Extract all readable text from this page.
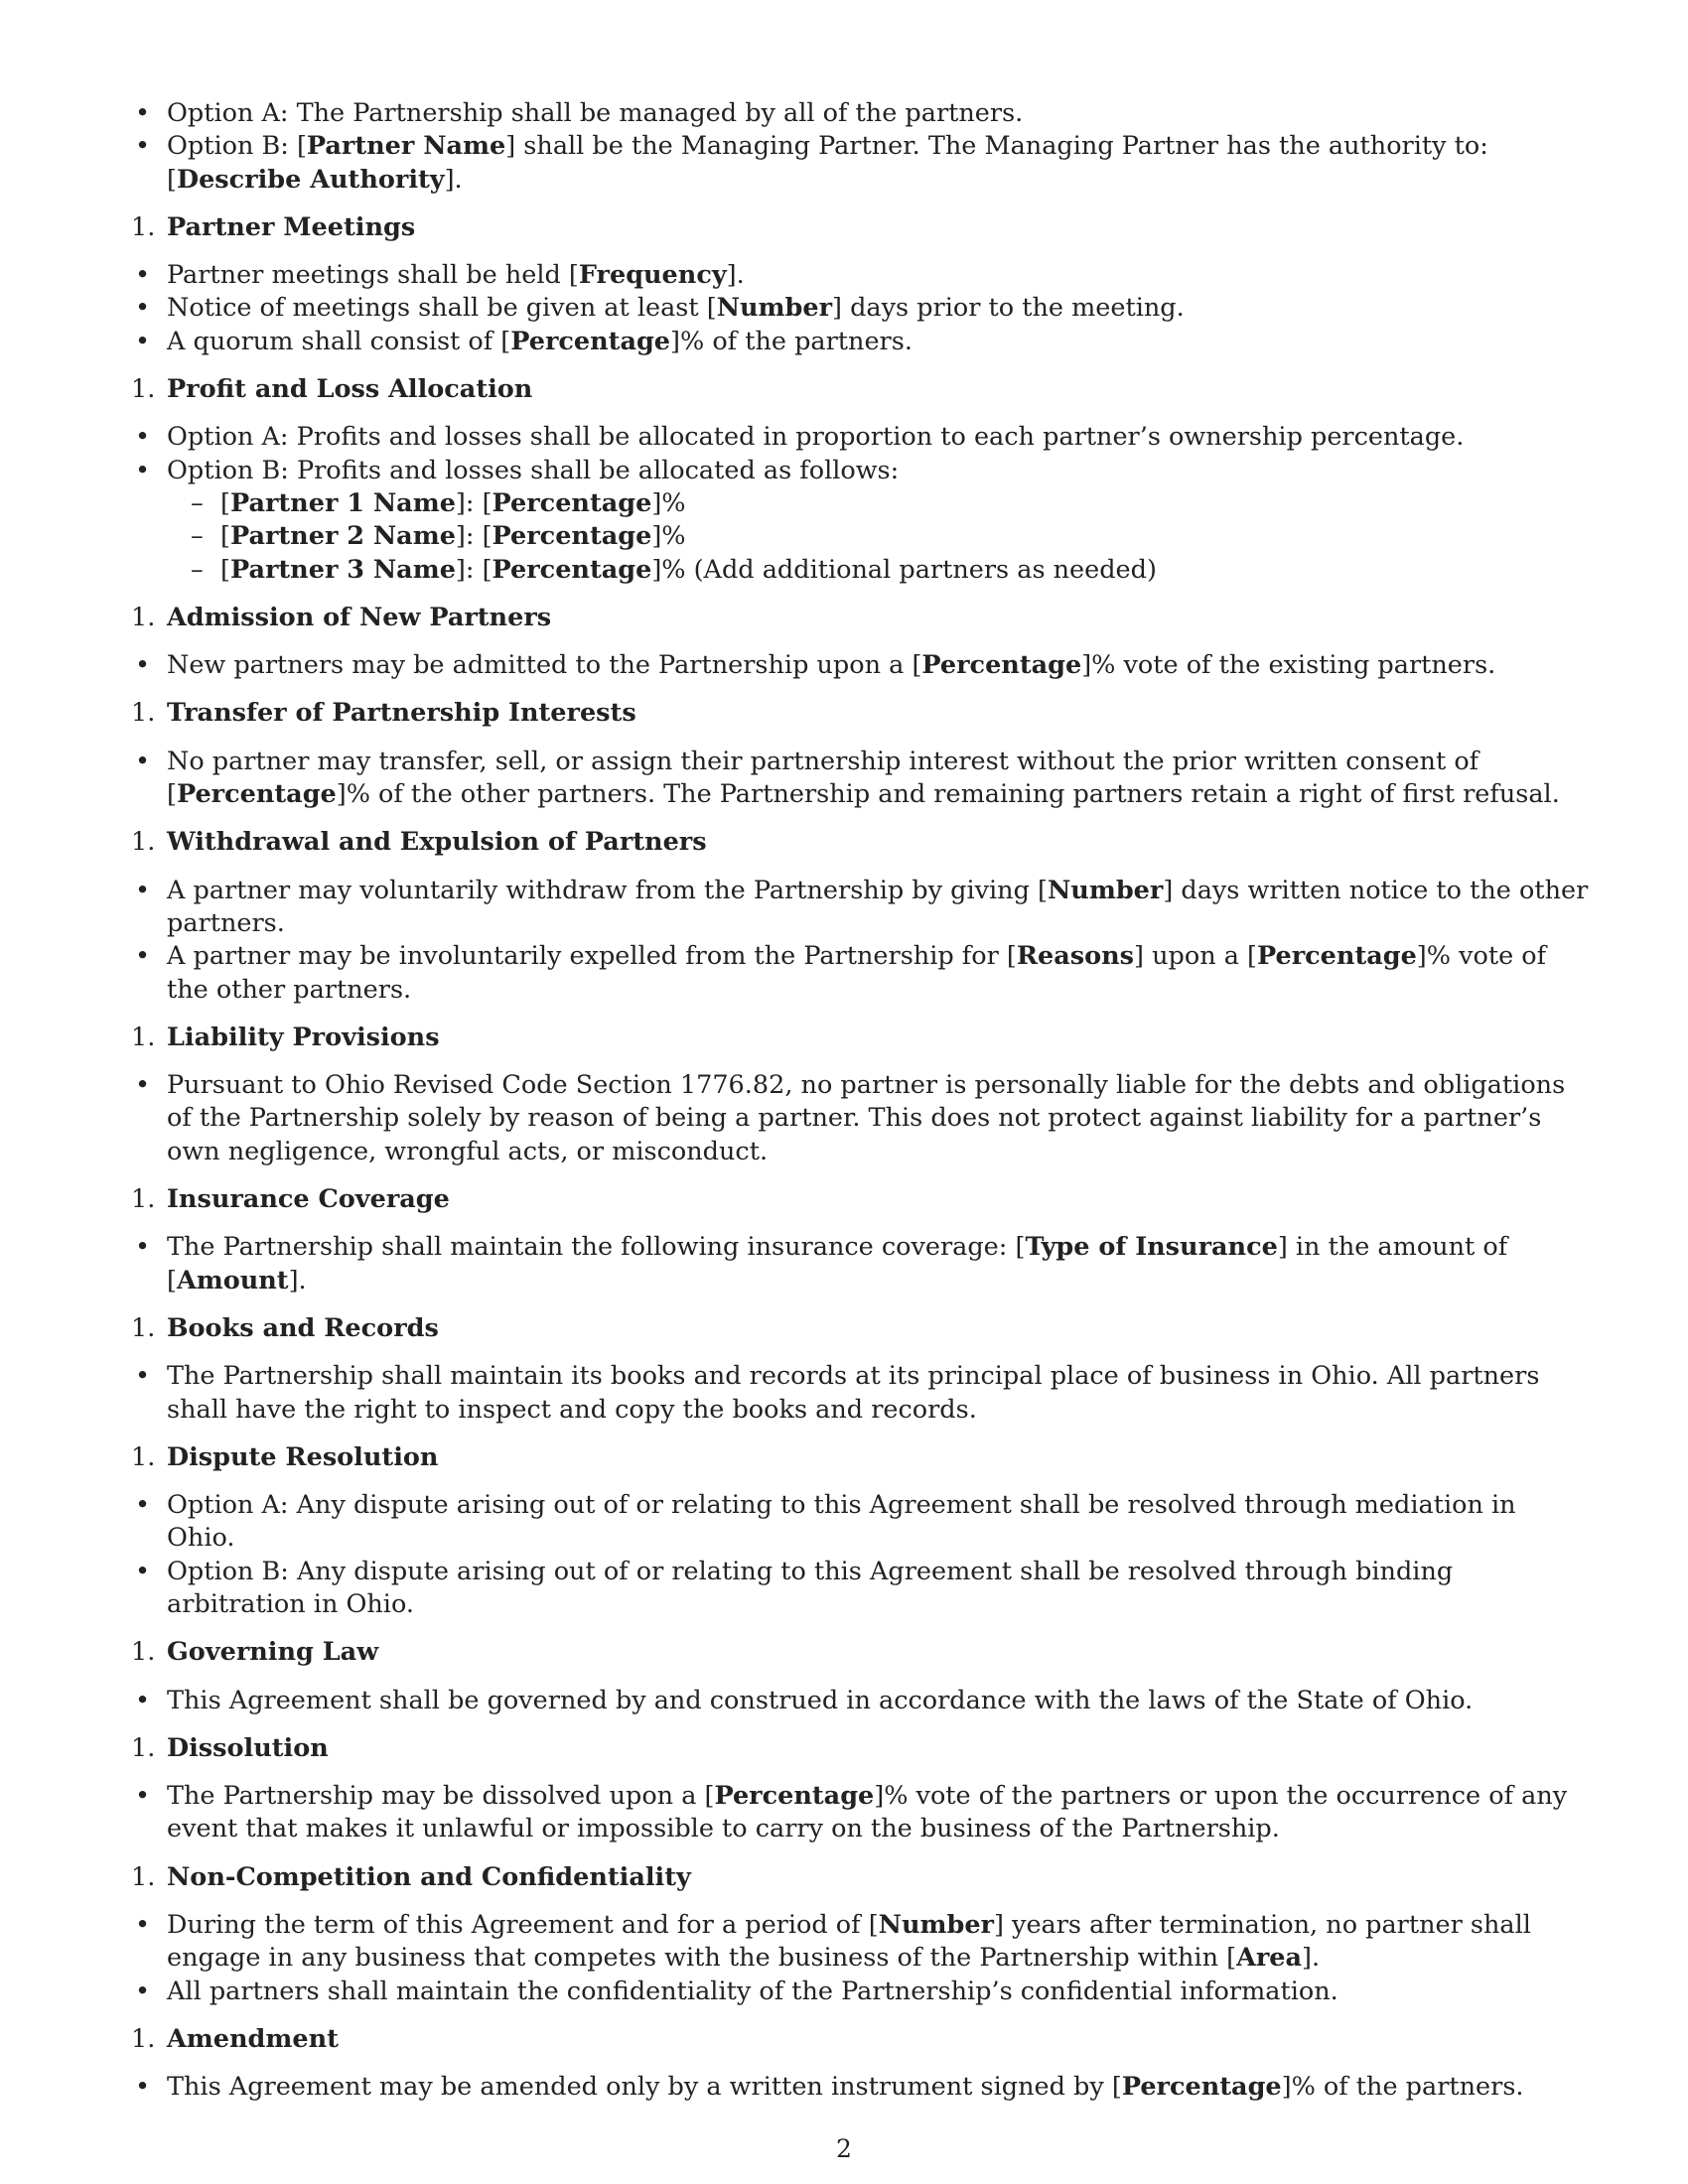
• Option A: The Partnership shall be managed by all of the partners.
• Option B: [Partner Name] shall be the Managing Partner. The Managing Partner has the authority to: [Describe Authority].
1. Partner Meetings
• Partner meetings shall be held [Frequency].
• Notice of meetings shall be given at least [Number] days prior to the meeting.
• A quorum shall consist of [Percentage]% of the partners.
1. Profit and Loss Allocation
• Option A: Profits and losses shall be allocated in proportion to each partner’s ownership percentage.
• Option B: Profits and losses shall be allocated as follows:
– [Partner 1 Name]: [Percentage]%
– [Partner 2 Name]: [Percentage]%
– [Partner 3 Name]: [Percentage]% (Add additional partners as needed)
1. Admission of New Partners
• New partners may be admitted to the Partnership upon a [Percentage]% vote of the existing partners.
1. Transfer of Partnership Interests
• No partner may transfer, sell, or assign their partnership interest without the prior written consent of [Percentage]% of the other partners. The Partnership and remaining partners retain a right of first refusal.
1. Withdrawal and Expulsion of Partners
• A partner may voluntarily withdraw from the Partnership by giving [Number] days written notice to the other partners.
• A partner may be involuntarily expelled from the Partnership for [Reasons] upon a [Percentage]% vote of the other partners.
1. Liability Provisions
• Pursuant to Ohio Revised Code Section 1776.82, no partner is personally liable for the debts and obligations of the Partnership solely by reason of being a partner. This does not protect against liability for a partner’s own negligence, wrongful acts, or misconduct.
1. Insurance Coverage
• The Partnership shall maintain the following insurance coverage: [Type of Insurance] in the amount of [Amount].
1. Books and Records
• The Partnership shall maintain its books and records at its principal place of business in Ohio. All partners shall have the right to inspect and copy the books and records.
1. Dispute Resolution
• Option A: Any dispute arising out of or relating to this Agreement shall be resolved through mediation in Ohio.
• Option B: Any dispute arising out of or relating to this Agreement shall be resolved through binding arbitration in Ohio.
1. Governing Law
• This Agreement shall be governed by and construed in accordance with the laws of the State of Ohio.
1. Dissolution
• The Partnership may be dissolved upon a [Percentage]% vote of the partners or upon the occurrence of any event that makes it unlawful or impossible to carry on the business of the Partnership.
1. Non-Competition and Confidentiality
• During the term of this Agreement and for a period of [Number] years after termination, no partner shall engage in any business that competes with the business of the Partnership within [Area].
• All partners shall maintain the confidentiality of the Partnership’s confidential information.
1. Amendment
• This Agreement may be amended only by a written instrument signed by [Percentage]% of the partners.
2
